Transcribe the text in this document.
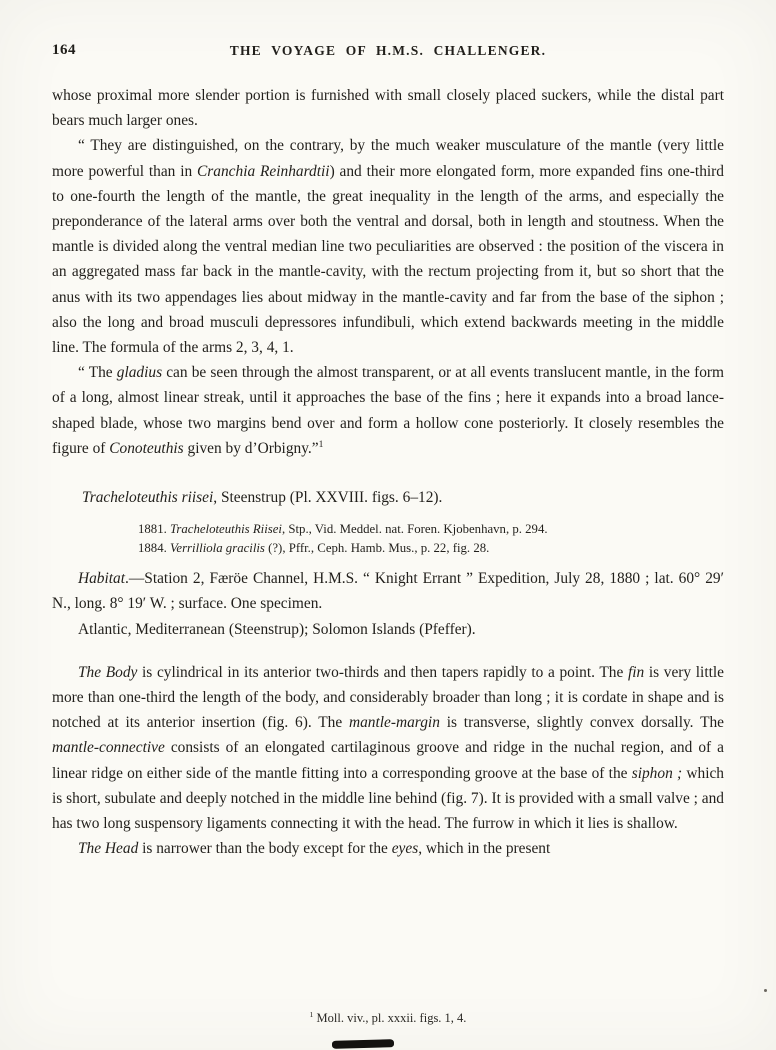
164	THE VOYAGE OF H.M.S. CHALLENGER.

whose proximal more slender portion is furnished with small closely placed suckers, while the distal part bears much larger ones.

“ They are distinguished, on the contrary, by the much weaker musculature of the mantle (very little more powerful than in Cranchia Reinhardtii) and their more elongated form, more expanded fins one-third to one-fourth the length of the mantle, the great inequality in the length of the arms, and especially the preponderance of the lateral arms over both the ventral and dorsal, both in length and stoutness. When the mantle is divided along the ventral median line two peculiarities are observed : the position of the viscera in an aggregated mass far back in the mantle-cavity, with the rectum projecting from it, but so short that the anus with its two appendages lies about midway in the mantle-cavity and far from the base of the siphon ; also the long and broad musculi depressores infundibuli, which extend backwards meeting in the middle line. The formula of the arms 2, 3, 4, 1.

“ The gladius can be seen through the almost transparent, or at all events translucent mantle, in the form of a long, almost linear streak, until it approaches the base of the fins ; here it expands into a broad lance-shaped blade, whose two margins bend over and form a hollow cone posteriorly. It closely resembles the figure of Conoteuthis given by d’Orbigny.”$^1$

Tracheloteuthis riisei, Steenstrup (Pl. XXVIII. figs. 6–12).

1881. Tracheloteuthis Riisei, Stp., Vid. Meddel. nat. Foren. Kjobenhavn, p. 294.

1884. Verrilliola gracilis (?), Pffr., Ceph. Hamb. Mus., p. 22, fig. 28.

Habitat.—Station 2, Færöe Channel, H.M.S. “ Knight Errant ” Expedition, July 28, 1880 ; lat. 60° 29′ N., long. 8° 19′ W. ; surface. One specimen.

Atlantic, Mediterranean (Steenstrup); Solomon Islands (Pfeffer).

The Body is cylindrical in its anterior two-thirds and then tapers rapidly to a point. The fin is very little more than one-third the length of the body, and considerably broader than long ; it is cordate in shape and is notched at its anterior insertion (fig. 6). The mantle-margin is transverse, slightly convex dorsally. The mantle-connective consists of an elongated cartilaginous groove and ridge in the nuchal region, and of a linear ridge on either side of the mantle fitting into a corresponding groove at the base of the siphon ; which is short, subulate and deeply notched in the middle line behind (fig. 7). It is provided with a small valve ; and has two long suspensory ligaments connecting it with the head. The furrow in which it lies is shallow.

The Head is narrower than the body except for the eyes, which in the present

$^1$ Moll. viv., pl. xxxii. figs. 1, 4.
